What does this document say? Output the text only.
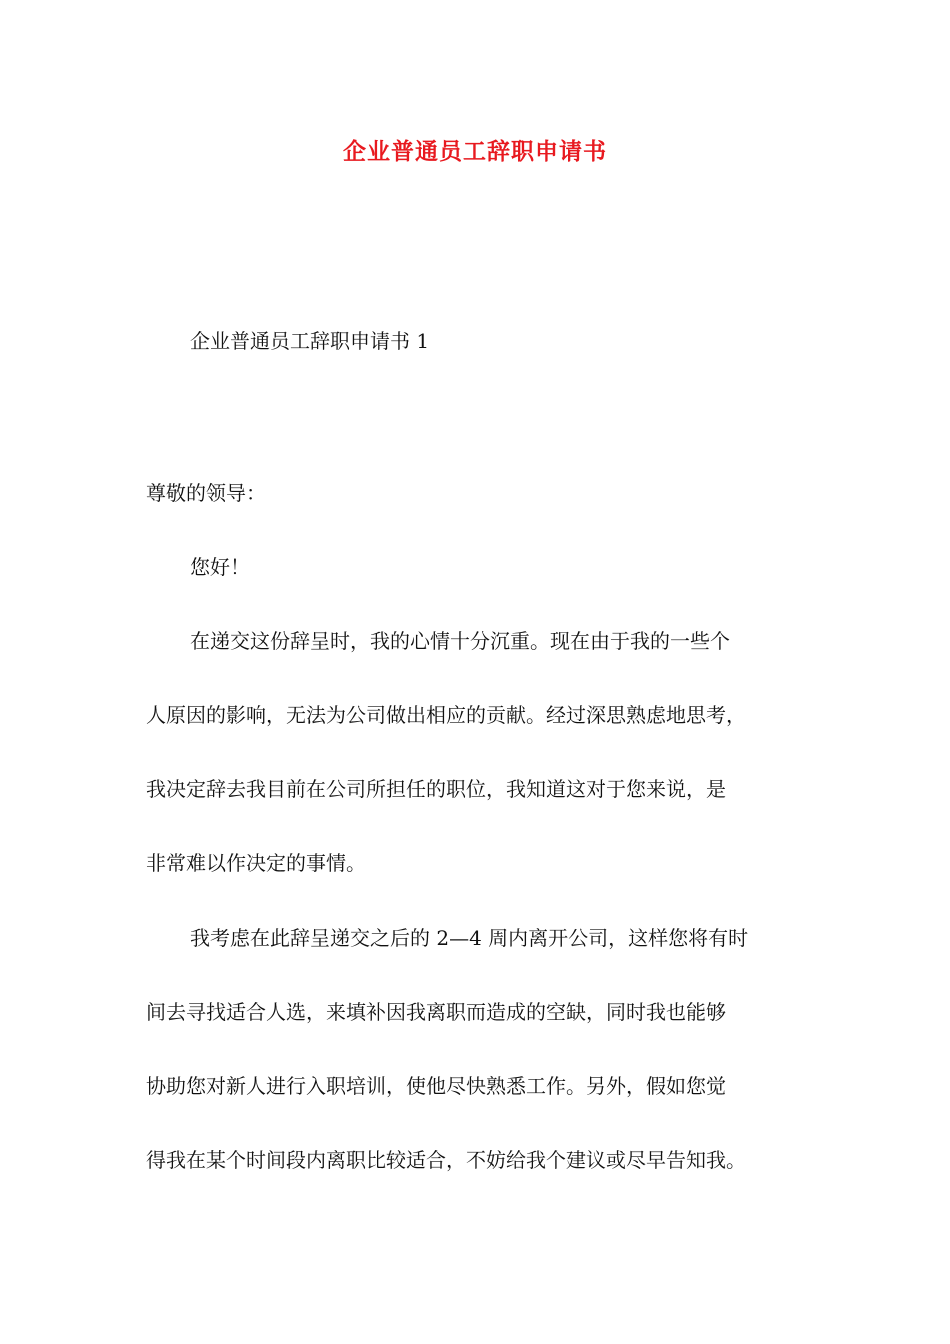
企业普通员工辞职申请书
企业普通员工辞职申请书 1
尊敬的领导：
您好！
在递交这份辞呈时，我的心情十分沉重。现在由于我的一些个
人原因的影响，无法为公司做出相应的贡献。经过深思熟虑地思考，
我决定辞去我目前在公司所担任的职位，我知道这对于您来说，是
非常难以作决定的事情。
我考虑在此辞呈递交之后的 2—4 周内离开公司，这样您将有时
间去寻找适合人选，来填补因我离职而造成的空缺，同时我也能够
协助您对新人进行入职培训，使他尽快熟悉工作。另外，假如您觉
得我在某个时间段内离职比较适合，不妨给我个建议或尽早告知我。
